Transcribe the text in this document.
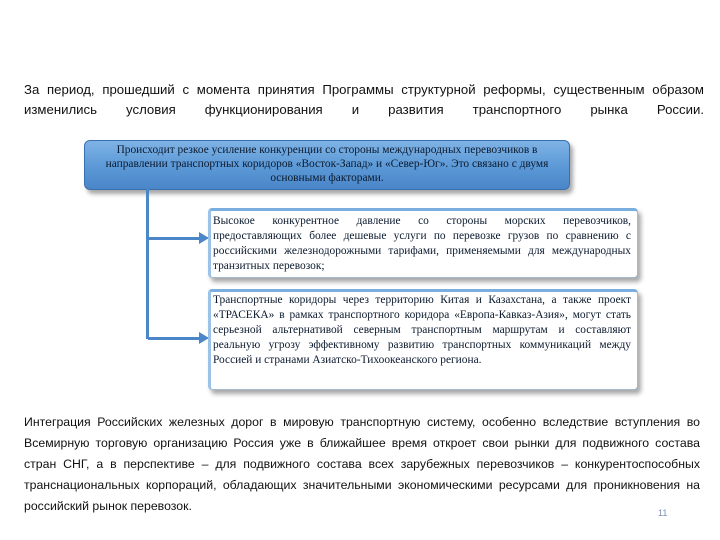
За период, прошедший с момента принятия Программы структурной реформы, существенным образом изменились условия функционирования и развития транспортного рынка России.

Происходит резкое усиление конкуренции со стороны международных перевозчиков в направлении транспортных коридоров «Восток-Запад» и «Север-Юг». Это связано с двумя основными факторами.
Высокое конкурентное давление со стороны морских перевозчиков, предоставляющих более дешевые услуги по перевозке грузов по сравнению с российскими железнодорожными тарифами, применяемыми для международных транзитных перевозок;
Транспортные коридоры через территорию Китая и Казахстана, а также проект «ТРАСЕКА» в рамках транспортного коридора «Европа-Кавказ-Азия», могут стать серьезной альтернативой северным транспортным маршрутам и составляют реальную угрозу эффективному развитию транспортных коммуникаций между Россией и странами Азиатско-Тихоокеанского региона.

Интеграция Российских железных дорог в мировую транспортную систему, особенно вследствие вступления во Всемирную торговую организацию Россия уже в ближайшее время откроет свои рынки для подвижного состава стран СНГ, а в перспективе – для подвижного состава всех зарубежных перевозчиков – конкурентоспособных транснациональных корпораций, обладающих значительными экономическими ресурсами для проникновения на российский рынок перевозок.	11
